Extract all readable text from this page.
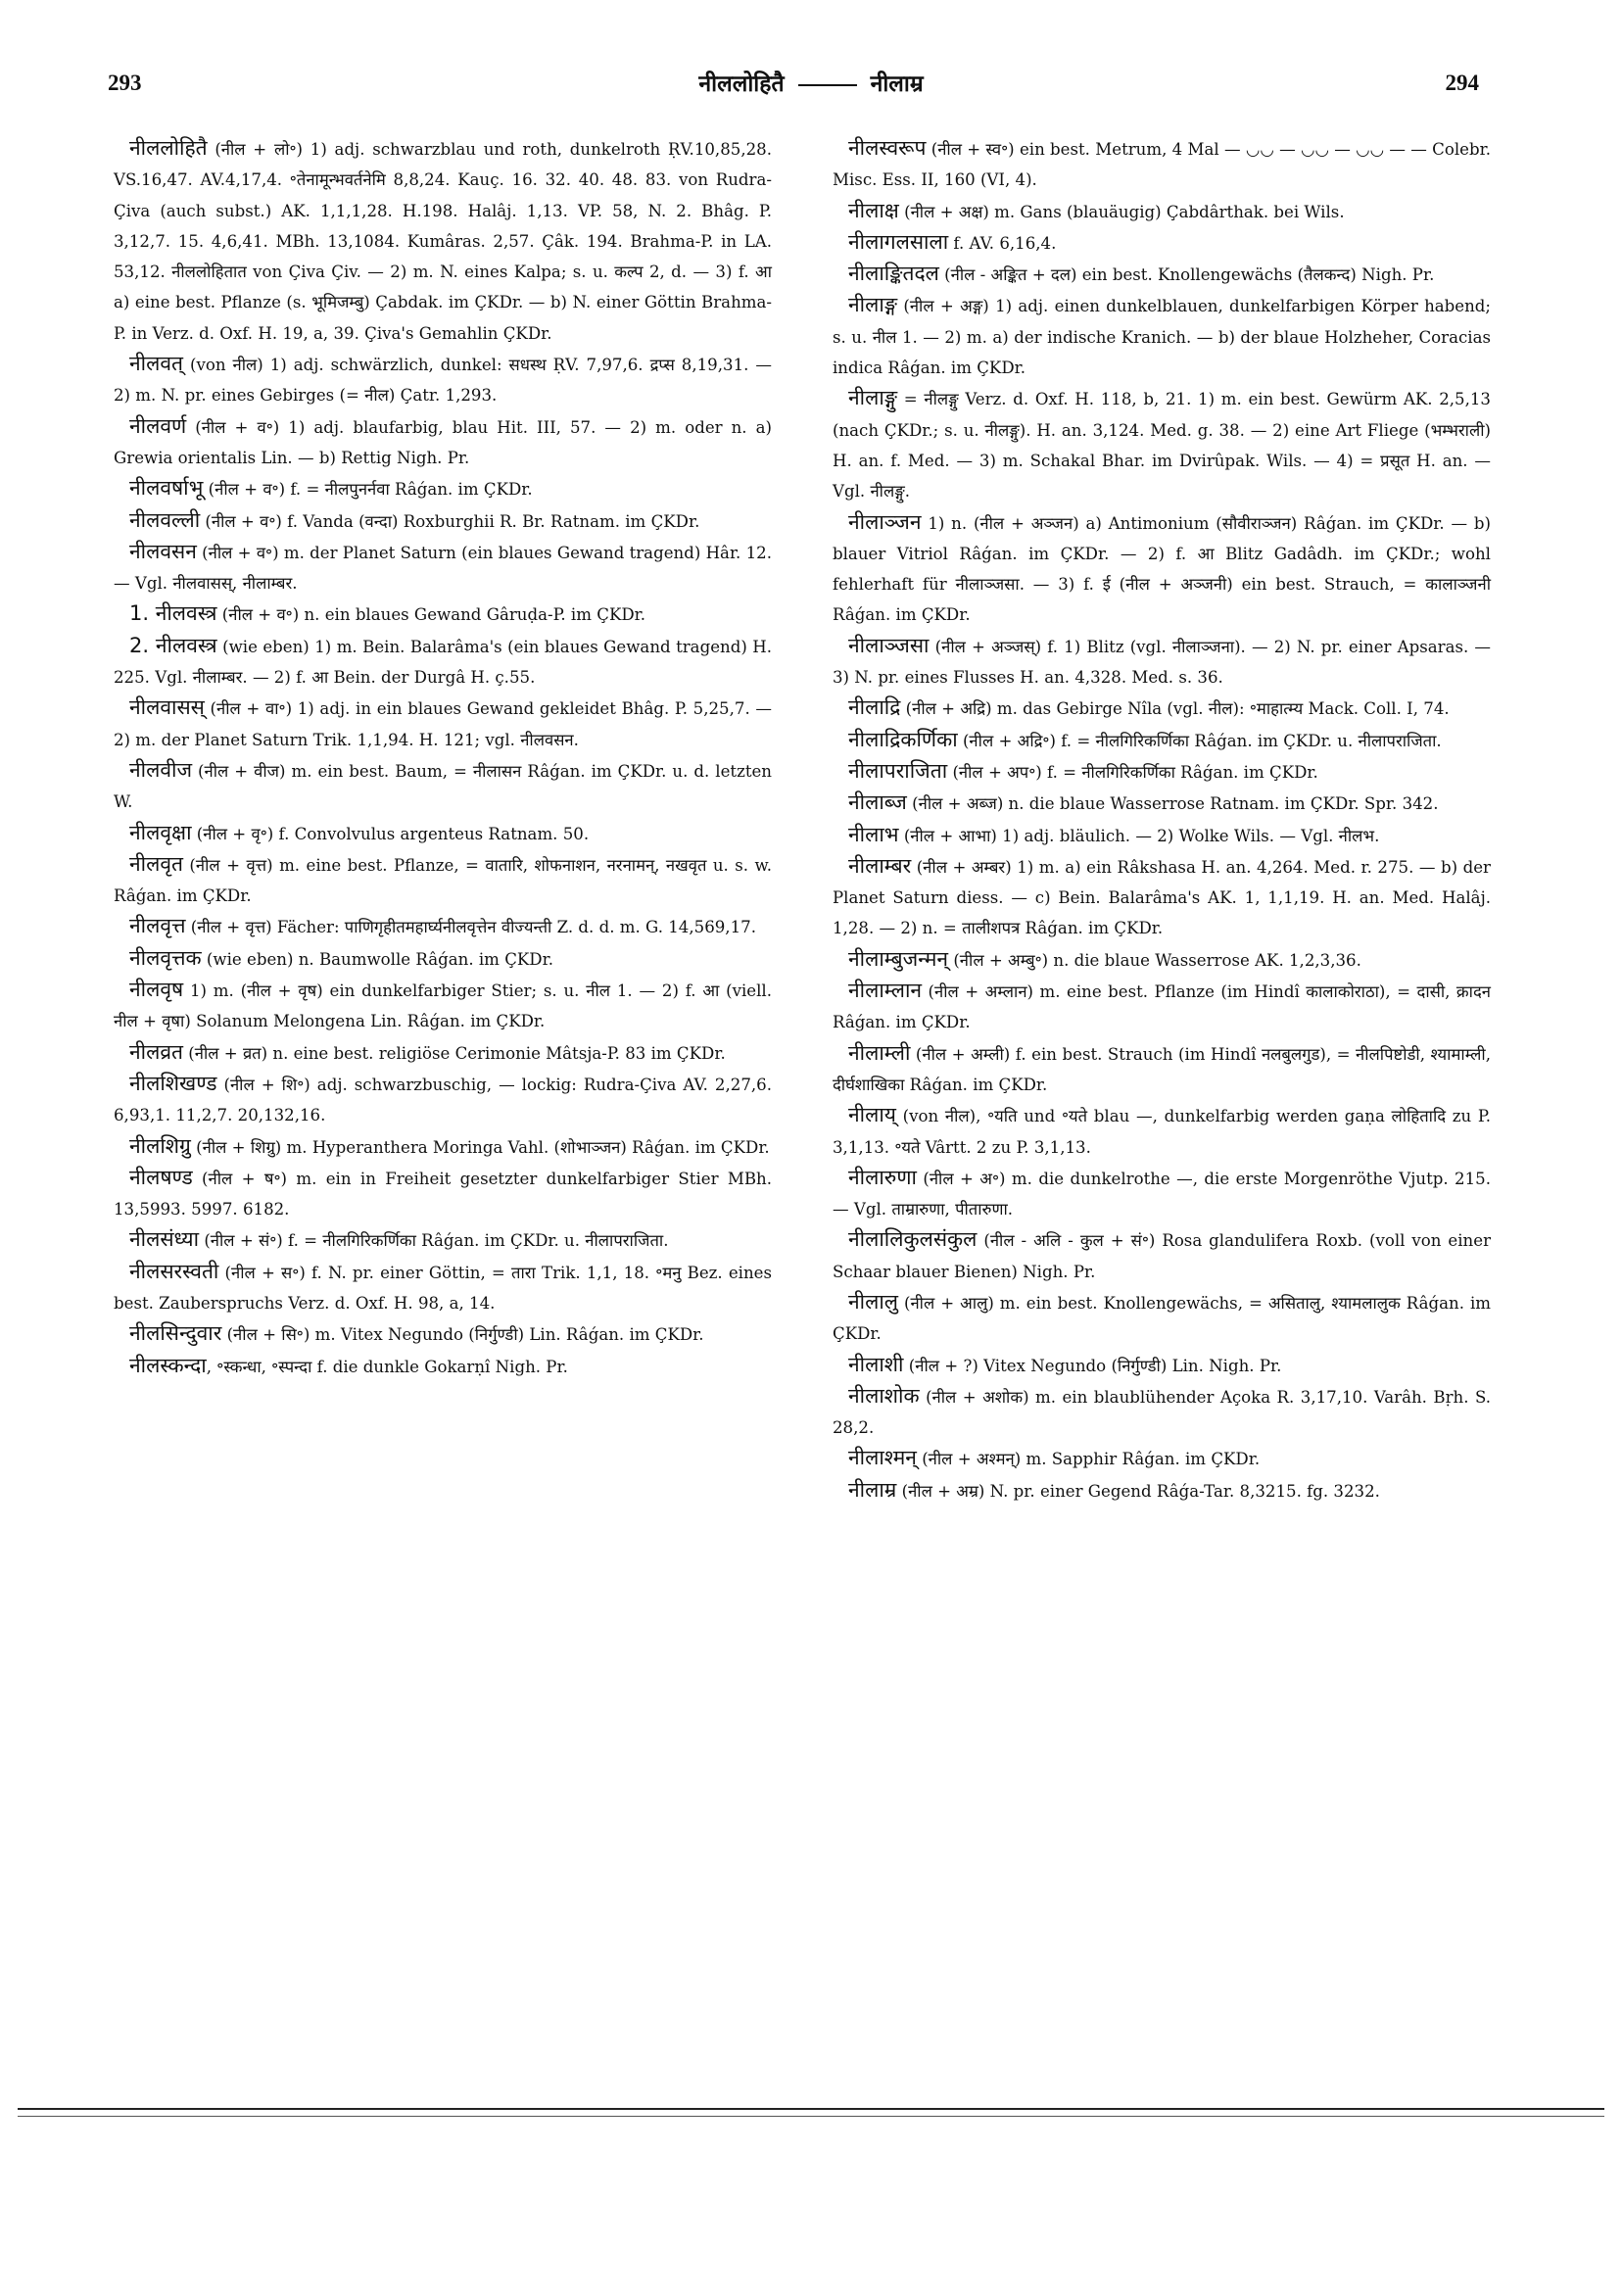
293	नीललोहितै	नीलाम्र	294

नीललोहितै (नील + लो॰) 1) adj. schwarzblau und roth, dunkelroth ṚV.10,85,28. VS.16,47. AV.4,17,4. ॰तेनामून्भवर्तनेमि 8,8,24. Kauç. 16. 32. 40. 48. 83. von Rudra-Çiva (auch subst.) AK. 1,1,1,28. H.198. Halâj. 1,13. VP. 58, N. 2. Bhâg. P. 3,12,7. 15. 4,6,41. MBh. 13,1084. Kumâras. 2,57. Çâk. 194. Brahma-P. in LA. 53,12. नीललोहितात von Çiva Çiv. — 2) m. N. eines Kalpa; s. u. कल्प 2, d. — 3) f. आ a) eine best. Pflanze (s. भूमिजम्बु) Çabdak. im ÇKDr. — b) N. einer Göttin Brahma-P. in Verz. d. Oxf. H. 19, a, 39. Çiva's Gemahlin ÇKDr.

नीलवत् (von नील) 1) adj. schwärzlich, dunkel: सधस्थ ṚV. 7,97,6. द्रप्स 8,19,31. — 2) m. N. pr. eines Gebirges (= नील) Çatr. 1,293.

नीलवर्ण (नील + व॰) 1) adj. blaufarbig, blau Hit. III, 57. — 2) m. oder n. a) Grewia orientalis Lin. — b) Rettig Nigh. Pr.

नीलवर्षाभू (नील + व॰) f. = नीलपुनर्नवा Râǵan. im ÇKDr.

नीलवल्ली (नील + व॰) f. Vanda (वन्दा) Roxburghii R. Br. Ratnam. im ÇKDr.

नीलवसन (नील + व॰) m. der Planet Saturn (ein blaues Gewand tragend) Hâr. 12. — Vgl. नीलवासस्, नीलाम्बर.

1. नीलवस्त्र (नील + व॰) n. ein blaues Gewand Gâruḍa-P. im ÇKDr.

2. नीलवस्त्र (wie eben) 1) m. Bein. Balarâma's (ein blaues Gewand tragend) H. 225. Vgl. नीलाम्बर. — 2) f. आ Bein. der Durgâ H. ç.55.

नीलवासस् (नील + वा॰) 1) adj. in ein blaues Gewand gekleidet Bhâg. P. 5,25,7. — 2) m. der Planet Saturn Trik. 1,1,94. H. 121; vgl. नीलवसन.

नीलवीज (नील + वीज) m. ein best. Baum, = नीलासन Râǵan. im ÇKDr. u. d. letzten W.

नीलवृक्षा (नील + वृ॰) f. Convolvulus argenteus Ratnam. 50.

नीलवृत (नील + वृत्त) m. eine best. Pflanze, = वातारि, शोफनाशन, नरनामन्, नखवृत u. s. w. Râǵan. im ÇKDr.

नीलवृत्त (नील + वृत्त) Fächer: पाणिगृहीतमहार्घ्यनीलवृत्तेन वीज्यन्ती Z. d. d. m. G. 14,569,17.

नीलवृत्तक (wie eben) n. Baumwolle Râǵan. im ÇKDr.

नीलवृष 1) m. (नील + वृष) ein dunkelfarbiger Stier; s. u. नील 1. — 2) f. आ (viell. नील + वृषा) Solanum Melongena Lin. Râǵan. im ÇKDr.

नीलव्रत (नील + व्रत) n. eine best. religiöse Cerimonie Mâtsja-P. 83 im ÇKDr.

नीलशिखण्ड (नील + शि॰) adj. schwarzbuschig, — lockig: Rudra-Çiva AV. 2,27,6. 6,93,1. 11,2,7. 20,132,16.

नीलशिग्रु (नील + शिग्रु) m. Hyperanthera Moringa Vahl. (शोभाञ्जन) Râǵan. im ÇKDr.

नीलषण्ड (नील + ष॰) m. ein in Freiheit gesetzter dunkelfarbiger Stier MBh. 13,5993. 5997. 6182.

नीलसंध्या (नील + सं॰) f. = नीलगिरिकर्णिका Râǵan. im ÇKDr. u. नीलापराजिता.

नीलसरस्वती (नील + स॰) f. N. pr. einer Göttin, = तारा Trik. 1,1, 18. ॰मनु Bez. eines best. Zauberspruchs Verz. d. Oxf. H. 98, a, 14.

नीलसिन्दुवार (नील + सि॰) m. Vitex Negundo (निर्गुण्डी) Lin. Râǵan. im ÇKDr.

नीलस्कन्दा, ॰स्कन्धा, ॰स्पन्दा f. die dunkle Gokarṇî Nigh. Pr.

नीलस्वरूप (नील + स्व॰) ein best. Metrum, 4 Mal — ◡◡ — ◡◡ — ◡◡ — — Colebr. Misc. Ess. II, 160 (VI, 4).

नीलाक्ष (नील + अक्ष) m. Gans (blauäugig) Çabdârthak. bei Wils.

नीलागलसाला f. AV. 6,16,4.

नीलाङ्कितदल (नील - अङ्कित + दल) ein best. Knollengewächs (तैलकन्द) Nigh. Pr.

नीलाङ्ग (नील + अङ्ग) 1) adj. einen dunkelblauen, dunkelfarbigen Körper habend; s. u. नील 1. — 2) m. a) der indische Kranich. — b) der blaue Holzheher, Coracias indica Râǵan. im ÇKDr.

नीलाङ्गु = नीलङ्गु Verz. d. Oxf. H. 118, b, 21. 1) m. ein best. Gewürm AK. 2,5,13 (nach ÇKDr.; s. u. नीलङ्गु). H. an. 3,124. Med. g. 38. — 2) eine Art Fliege (भम्भराली) H. an. f. Med. — 3) m. Schakal Bhar. im Dvirûpak. Wils. — 4) = प्रसूत H. an. — Vgl. नीलङ्गु.

नीलाञ्जन 1) n. (नील + अञ्जन) a) Antimonium (सौवीराञ्जन) Râǵan. im ÇKDr. — b) blauer Vitriol Râǵan. im ÇKDr. — 2) f. आ Blitz Gadâdh. im ÇKDr.; wohl fehlerhaft für नीलाञ्जसा. — 3) f. ई (नील + अञ्जनी) ein best. Strauch, = कालाञ्जनी Râǵan. im ÇKDr.

नीलाञ्जसा (नील + अञ्जस्) f. 1) Blitz (vgl. नीलाञ्जना). — 2) N. pr. einer Apsaras. — 3) N. pr. eines Flusses H. an. 4,328. Med. s. 36.

नीलाद्रि (नील + अद्रि) m. das Gebirge Nîla (vgl. नील): ॰माहात्म्य Mack. Coll. I, 74.

नीलाद्रिकर्णिका (नील + अद्रि॰) f. = नीलगिरिकर्णिका Râǵan. im ÇKDr. u. नीलापराजिता.

नीलापराजिता (नील + अप॰) f. = नीलगिरिकर्णिका Râǵan. im ÇKDr.

नीलाब्ज (नील + अब्ज) n. die blaue Wasserrose Ratnam. im ÇKDr. Spr. 342.

नीलाभ (नील + आभा) 1) adj. bläulich. — 2) Wolke Wils. — Vgl. नीलभ.

नीलाम्बर (नील + अम्बर) 1) m. a) ein Râkshasa H. an. 4,264. Med. r. 275. — b) der Planet Saturn diess. — c) Bein. Balarâma's AK. 1, 1,1,19. H. an. Med. Halâj. 1,28. — 2) n. = तालीशपत्र Râǵan. im ÇKDr.

नीलाम्बुजन्मन् (नील + अम्बु॰) n. die blaue Wasserrose AK. 1,2,3,36.

नीलाम्लान (नील + अम्लान) m. eine best. Pflanze (im Hindî कालाकोराठा), = दासी, क्रादन Râǵan. im ÇKDr.

नीलाम्ली (नील + अम्ली) f. ein best. Strauch (im Hindî नलबुलगुड), = नीलपिष्टोडी, श्यामाम्ली, दीर्घशाखिका Râǵan. im ÇKDr.

नीलाय् (von नील), ॰यति und ॰यते blau —, dunkelfarbig werden gaṇa लोहितादि zu P. 3,1,13. ॰यते Vârtt. 2 zu P. 3,1,13.

नीलारुणा (नील + अ॰) m. die dunkelrothe —, die erste Morgenröthe Vjutp. 215. — Vgl. ताम्रारुणा, पीतारुणा.

नीलालिकुलसंकुल (नील - अलि - कुल + सं॰) Rosa glandulifera Roxb. (voll von einer Schaar blauer Bienen) Nigh. Pr.

नीलालु (नील + आलु) m. ein best. Knollengewächs, = असितालु, श्यामलालुक Râǵan. im ÇKDr.

नीलाशी (नील + ?) Vitex Negundo (निर्गुण्डी) Lin. Nigh. Pr.

नीलाशोक (नील + अशोक) m. ein blaublühender Açoka R. 3,17,10. Varâh. Bṛh. S. 28,2.

नीलाश्मन् (नील + अश्मन्) m. Sapphir Râǵan. im ÇKDr.

नीलाम्र (नील + अम्र) N. pr. einer Gegend Râǵa-Tar. 8,3215. fg. 3232.
